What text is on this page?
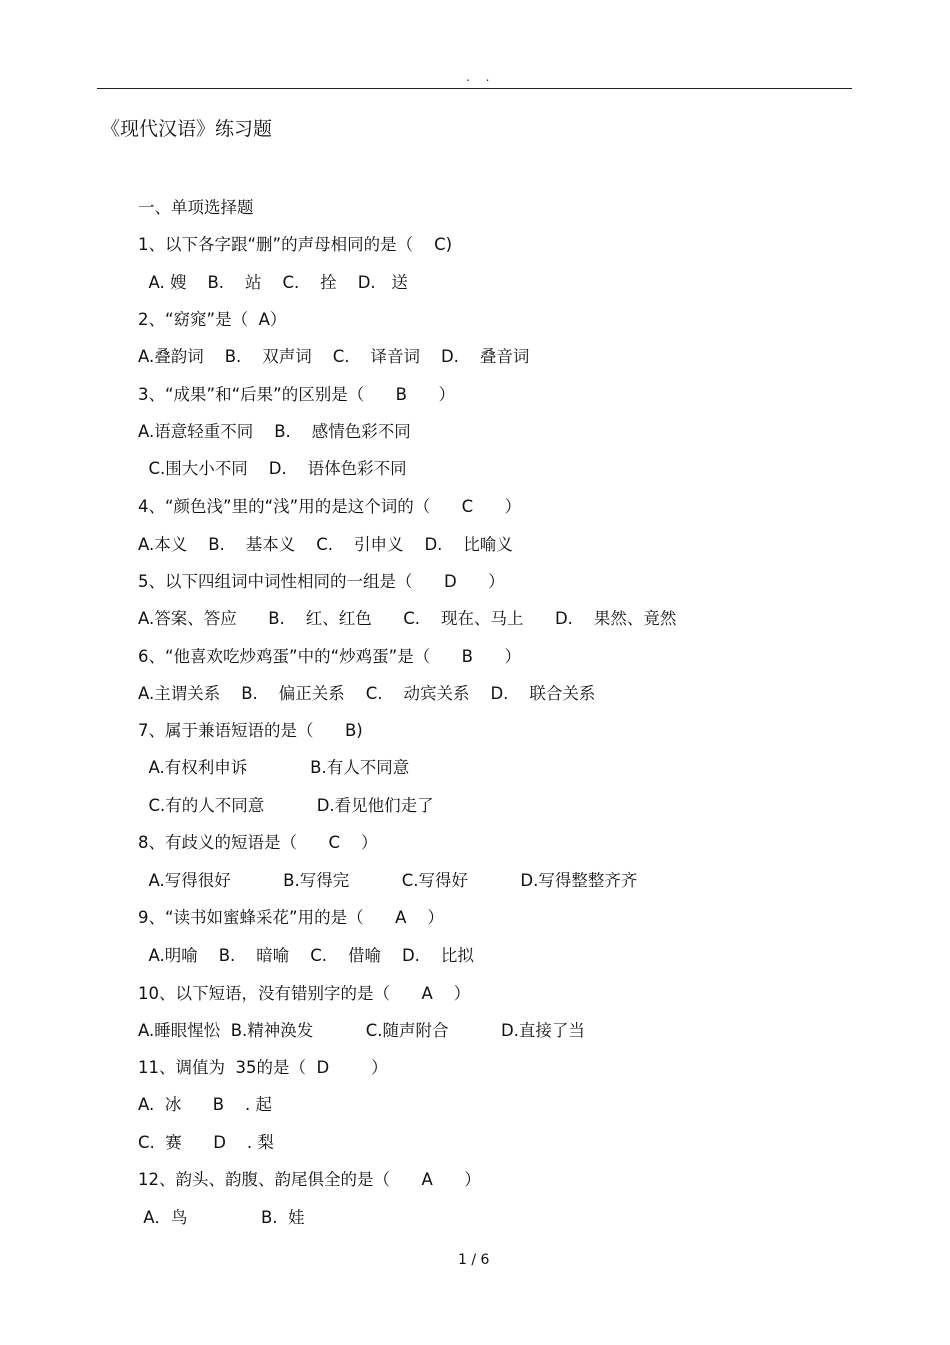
. .
《现代汉语》练习题
一、单项选择题
1、以下各字跟“删”的声母相同的是（    C)
A. 嫂    B.    站    C.    拴    D.   送
2、“窈窕”是（  A）
A.叠韵词    B.    双声词    C.    译音词    D.    叠音词
3、“成果”和“后果”的区别是（      B      ）
A.语意轻重不同    B.    感情色彩不同
C.围大小不同    D.    语体色彩不同
4、“颜色浅”里的“浅”用的是这个词的（      C      ）
A.本义    B.    基本义    C.    引申义    D.    比喻义
5、以下四组词中词性相同的一组是（      D      ）
A.答案、答应      B.    红、红色      C.    现在、马上      D.    果然、竟然
6、“他喜欢吃炒鸡蛋”中的“炒鸡蛋”是（      B      ）
A.主谓关系    B.    偏正关系    C.    动宾关系    D.    联合关系
7、属于兼语短语的是（      B)
A.有权利申诉            B.有人不同意
C.有的人不同意          D.看见他们走了
8、有歧义的短语是（      C    ）
A.写得很好          B.写得完          C.写得好          D.写得整整齐齐
9、“读书如蜜蜂采花”用的是（      A    ）
A.明喻    B.    暗喻    C.    借喻    D.    比拟
10、以下短语，没有错别字的是（      A    ）
A.睡眼惺忪  B.精神涣发          C.随声附合          D.直接了当
11、调值为  35的是（  D        ）
A.  冰      B    . 起
C.  赛      D    . 梨
12、韵头、韵腹、韵尾俱全的是（      A      ）
A．鸟              B.  娃
1 / 6
